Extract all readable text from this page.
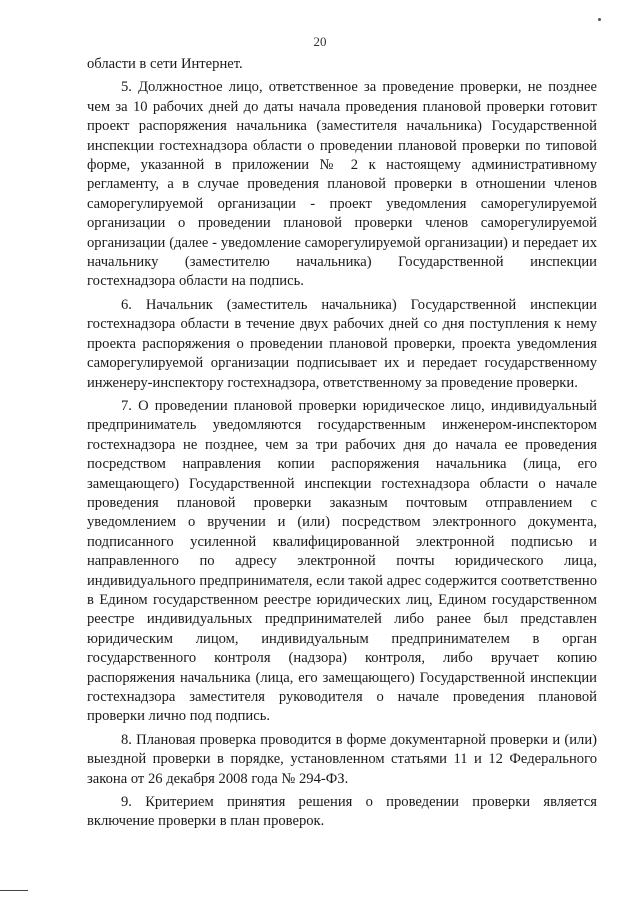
20

области в сети Интернет.

5. Должностное лицо, ответственное за проведение проверки, не позднее чем за 10 рабочих дней до даты начала проведения плановой проверки готовит проект распоряжения начальника (заместителя начальника) Государственной инспекции гостехнадзора области о проведении плановой проверки по типовой форме, указанной в приложении № 2 к настоящему административному регламенту, а в случае проведения плановой проверки в отношении членов саморегулируемой организации - проект уведомления саморегулируемой организации о проведении плановой проверки членов саморегулируемой организации (далее - уведомление саморегулируемой организации) и передает их начальнику (заместителю начальника) Государственной инспекции гостехнадзора области на подпись.

6. Начальник (заместитель начальника) Государственной инспекции гостехнадзора области в течение двух рабочих дней со дня поступления к нему проекта распоряжения о проведении плановой проверки, проекта уведомления саморегулируемой организации подписывает их и передает государственному инженеру-инспектору гостехнадзора, ответственному за проведение проверки.

7. О проведении плановой проверки юридическое лицо, индивидуальный предприниматель уведомляются государственным инженером-инспектором гостехнадзора не позднее, чем за три рабочих дня до начала ее проведения посредством направления копии распоряжения начальника (лица, его замещающего) Государственной инспекции гостехнадзора области о начале проведения плановой проверки заказным почтовым отправлением с уведомлением о вручении и (или) посредством электронного документа, подписанного усиленной квалифицированной электронной подписью и направленного по адресу электронной почты юридического лица, индивидуального предпринимателя, если такой адрес содержится соответственно в Едином государственном реестре юридических лиц, Едином государственном реестре индивидуальных предпринимателей либо ранее был представлен юридическим лицом, индивидуальным предпринимателем в орган государственного контроля (надзора) контроля, либо вручает копию распоряжения начальника (лица, его замещающего) Государственной инспекции гостехнадзора заместителя руководителя о начале проведения плановой проверки лично под подпись.

8. Плановая проверка проводится в форме документарной проверки и (или) выездной проверки в порядке, установленном статьями 11 и 12 Федерального закона от 26 декабря 2008 года № 294-ФЗ.

9. Критерием принятия решения о проведении проверки является включение проверки в план проверок.
